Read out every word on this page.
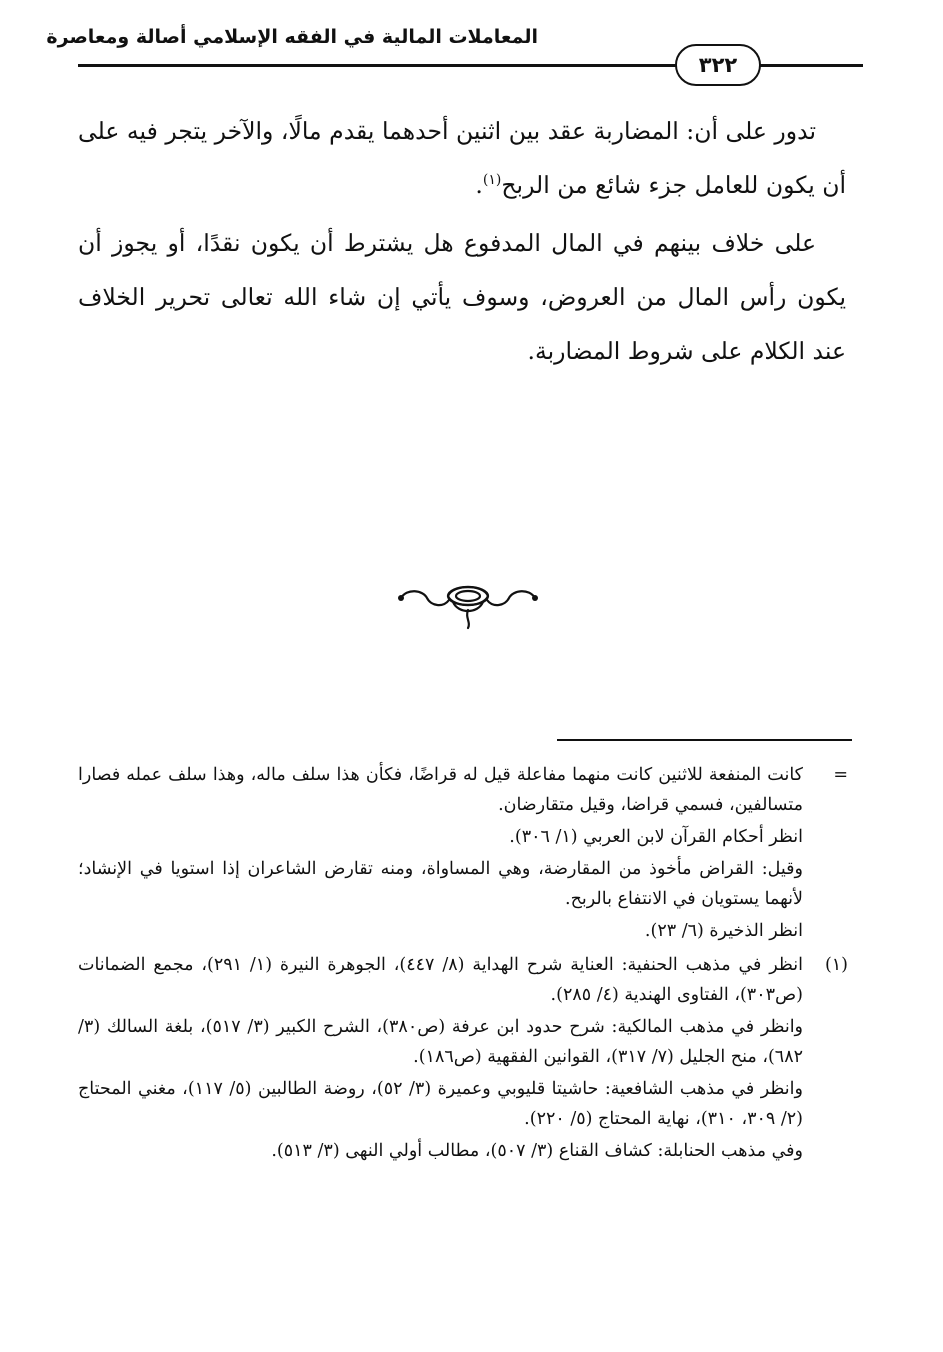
المعاملات المالية في الفقه الإسلامي أصالة ومعاصرة
٣٢٢

تدور على أن: المضاربة عقد بين اثنين أحدهما يقدم مالًا، والآخر يتجر فيه على أن يكون للعامل جزء شائع من الربح$^{(١)}$.

على خلاف بينهم في المال المدفوع هل يشترط أن يكون نقدًا، أو يجوز أن يكون رأس المال من العروض، وسوف يأتي إن شاء الله تعالى تحرير الخلاف عند الكلام على شروط المضاربة.

=

كانت المنفعة للاثنين كانت منهما مفاعلة قيل له قراضًا، فكأن هذا سلف ماله، وهذا سلف عمله فصارا متسالفين، فسمي قراضا، وقيل متقارضان.

انظر أحكام القرآن لابن العربي (١/ ٣٠٦).

وقيل: القراض مأخوذ من المقارضة، وهي المساواة، ومنه تقارض الشاعران إذا استويا في الإنشاد؛ لأنهما يستويان في الانتفاع بالربح.

انظر الذخيرة (٦/ ٢٣).

(١)

انظر في مذهب الحنفية: العناية شرح الهداية (٨/ ٤٤٧)، الجوهرة النيرة (١/ ٢٩١)، مجمع الضمانات (ص٣٠٣)، الفتاوى الهندية (٤/ ٢٨٥).

وانظر في مذهب المالكية: شرح حدود ابن عرفة (ص٣٨٠)، الشرح الكبير (٣/ ٥١٧)، بلغة السالك (٣/ ٦٨٢)، منح الجليل (٧/ ٣١٧)، القوانين الفقهية (ص١٨٦).

وانظر في مذهب الشافعية: حاشيتا قليوبي وعميرة (٣/ ٥٢)، روضة الطالبين (٥/ ١١٧)، مغني المحتاج (٢/ ٣٠٩، ٣١٠)، نهاية المحتاج (٥/ ٢٢٠).

وفي مذهب الحنابلة: كشاف القناع (٣/ ٥٠٧)، مطالب أولي النهى (٣/ ٥١٣).
